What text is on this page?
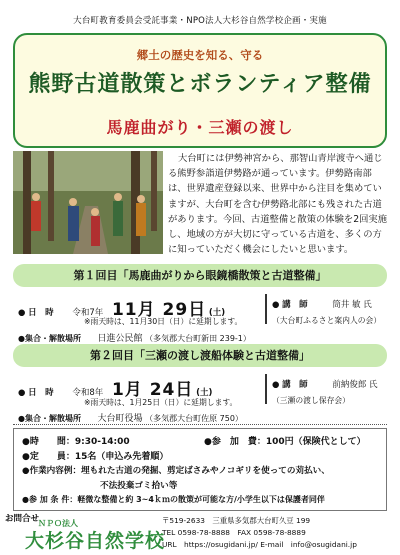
大台町教育委員会受託事業・NPO法人大杉谷自然学校企画・実施
郷土の歴史を知る、守る
熊野古道散策とボランティア整備
馬鹿曲がり・三瀬の渡し
大台町には伊勢神宮から、那智山青岸渡寺へ通じる熊野参詣道伊勢路が通っています。伊勢路南部は、世界遺産登録以来、世界中から注目を集めていますが、大台町を含む伊勢路北部にも残された古道があります。今回、古道整備と散策の体験を2回実施し、地域の方が大切に守っている古道を、多くの方に知っていただく機会にしたいと思います。
第１回目「馬鹿曲がりから眼鏡橋散策と古道整備」
● 日　時 令和7年 11月 29日 (土)
※雨天時は、11月30日（日）に延期します。
●集合・解散場所 日進公民館 （多気郡大台町新田 239-1）
● 講　師	筒井 敏 氏
（大台町ふるさと案内人の会）
第２回目「三瀬の渡し渡船体験と古道整備」
● 日　時 令和8年 1月 24日 (土)
※雨天時は、1月25日（日）に延期します。
●集合・解散場所 大台町役場 （多気郡大台町佐原 750）
● 講　師	前納俊郎 氏
（三瀬の渡し保存会）
●時　　間：9:30-14:00	●参　加　費：100円（保険代として）
●定　　員：15名（申込み先着順）
●作業内容例：埋もれた古道の発掘、剪定ばさみやノコギリを使っての苅払い、
不法投棄ゴミ拾い等
●参 加 条 件：軽微な整備と約 3~4ｋｍの散策が可能な方/小学生以下は保護者同伴
お問合せ
ＮＰＯ法人
大杉谷自然学校
〒519-2633　三重県多気郡大台町久豆 199
TEL 0598-78-8888　FAX 0598-78-8889
URL　https://osugidani.jp/ E-mail　info@osugidani.jp
